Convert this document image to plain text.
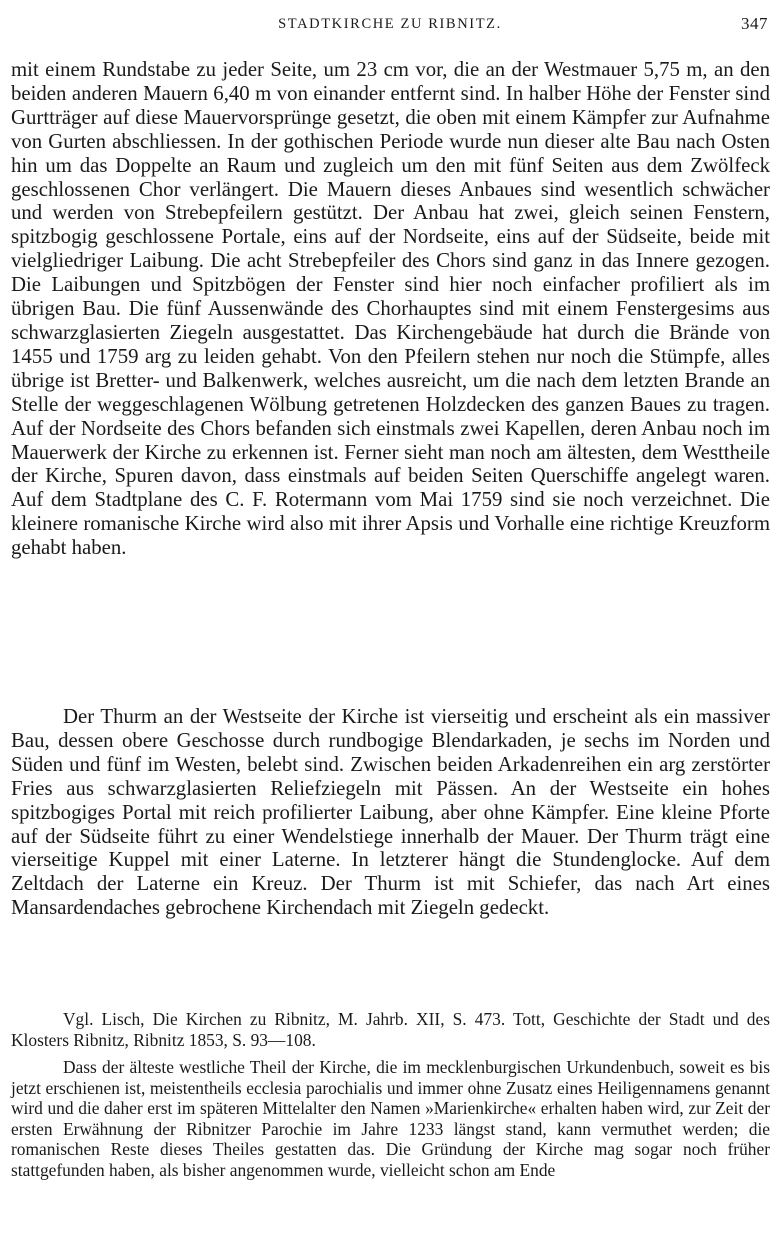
STADTKIRCHE ZU RIBNITZ.	347

mit einem Rundstabe zu jeder Seite, um 23 cm vor, die an der Westmauer 5,75 m, an den beiden anderen Mauern 6,40 m von einander entfernt sind. In halber Höhe der Fenster sind Gurtträger auf diese Mauervorsprünge gesetzt, die oben mit einem Kämpfer zur Aufnahme von Gurten abschliessen. In der gothischen Periode wurde nun dieser alte Bau nach Osten hin um das Doppelte an Raum und zugleich um den mit fünf Seiten aus dem Zwölfeck geschlossenen Chor verlängert. Die Mauern dieses Anbaues sind wesentlich schwächer und werden von Strebepfeilern gestützt. Der Anbau hat zwei, gleich seinen Fenstern, spitzbogig geschlossene Portale, eins auf der Nordseite, eins auf der Südseite, beide mit vielgliedriger Laibung. Die acht Strebepfeiler des Chors sind ganz in das Innere gezogen. Die Laibungen und Spitzbögen der Fenster sind hier noch einfacher profiliert als im übrigen Bau. Die fünf Aussenwände des Chorhauptes sind mit einem Fenstergesims aus schwarzglasierten Ziegeln ausgestattet. Das Kirchengebäude hat durch die Brände von 1455 und 1759 arg zu leiden gehabt. Von den Pfeilern stehen nur noch die Stümpfe, alles übrige ist Bretter- und Balkenwerk, welches ausreicht, um die nach dem letzten Brande an Stelle der weggeschlagenen Wölbung getretenen Holzdecken des ganzen Baues zu tragen. Auf der Nordseite des Chors befanden sich einstmals zwei Kapellen, deren Anbau noch im Mauerwerk der Kirche zu erkennen ist. Ferner sieht man noch am ältesten, dem Westtheile der Kirche, Spuren davon, dass einstmals auf beiden Seiten Querschiffe angelegt waren. Auf dem Stadtplane des C. F. Rotermann vom Mai 1759 sind sie noch verzeichnet. Die kleinere romanische Kirche wird also mit ihrer Apsis und Vorhalle eine richtige Kreuzform gehabt haben.

Der Thurm an der Westseite der Kirche ist vierseitig und erscheint als ein massiver Bau, dessen obere Geschosse durch rundbogige Blendarkaden, je sechs im Norden und Süden und fünf im Westen, belebt sind. Zwischen beiden Arkadenreihen ein arg zerstörter Fries aus schwarzglasierten Reliefziegeln mit Pässen. An der Westseite ein hohes spitzbogiges Portal mit reich profilierter Laibung, aber ohne Kämpfer. Eine kleine Pforte auf der Südseite führt zu einer Wendelstiege innerhalb der Mauer. Der Thurm trägt eine vierseitige Kuppel mit einer Laterne. In letzterer hängt die Stundenglocke. Auf dem Zeltdach der Laterne ein Kreuz. Der Thurm ist mit Schiefer, das nach Art eines Mansardendaches gebrochene Kirchendach mit Ziegeln gedeckt.

Vgl. Lisch, Die Kirchen zu Ribnitz, M. Jahrb. XII, S. 473. Tott, Geschichte der Stadt und des Klosters Ribnitz, Ribnitz 1853, S. 93—108.

Dass der älteste westliche Theil der Kirche, die im mecklenburgischen Urkundenbuch, soweit es bis jetzt erschienen ist, meistentheils ecclesia parochialis und immer ohne Zusatz eines Heiligennamens genannt wird und die daher erst im späteren Mittelalter den Namen »Marienkirche« erhalten haben wird, zur Zeit der ersten Erwähnung der Ribnitzer Parochie im Jahre 1233 längst stand, kann vermuthet werden; die romanischen Reste dieses Theiles gestatten das. Die Gründung der Kirche mag sogar noch früher stattgefunden haben, als bisher angenommen wurde, vielleicht schon am Ende
